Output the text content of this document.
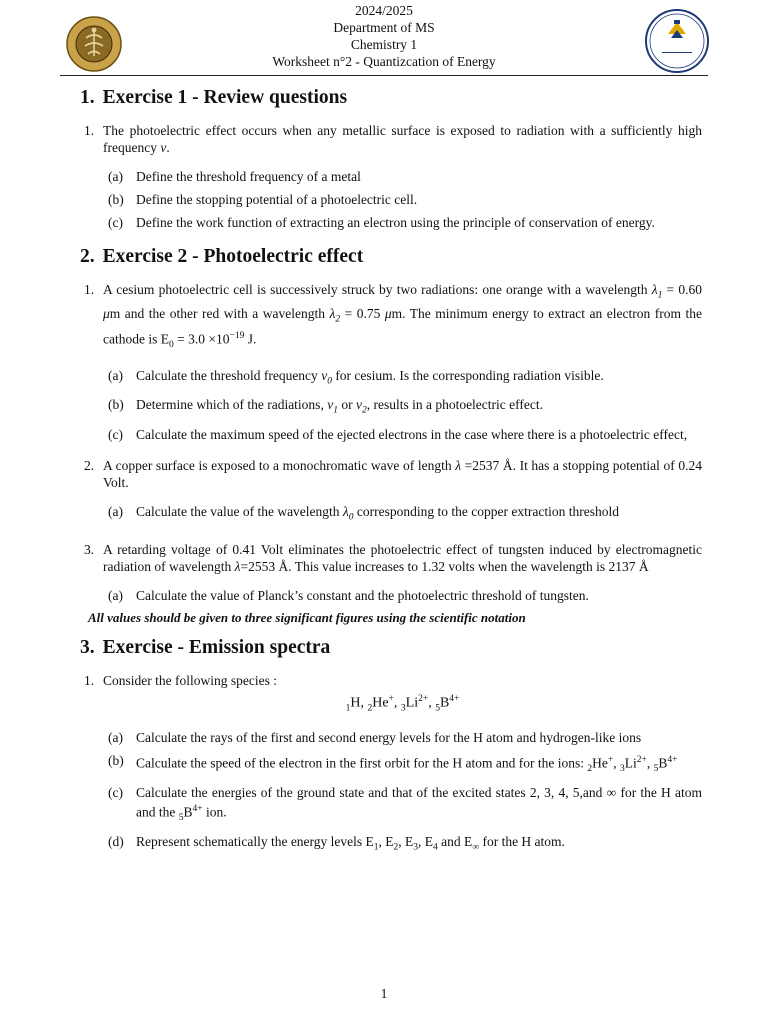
2024/2025
Department of MS
Chemistry 1
Worksheet n°2 - Quantizcation of Energy
1. Exercise 1 - Review questions
1. The photoelectric effect occurs when any metallic surface is exposed to radiation with a sufficiently high frequency ν.
(a) Define the threshold frequency of a metal
(b) Define the stopping potential of a photoelectric cell.
(c) Define the work function of extracting an electron using the principle of conservation of energy.
2. Exercise 2 - Photoelectric effect
1. A cesium photoelectric cell is successively struck by two radiations: one orange with a wavelength $\lambda_1 = 0.60$ μm and the other red with a wavelength $\lambda_2 = 0.75$ μm. The minimum energy to extract an electron from the cathode is $E_0 = 3.0 \times 10^{-19}$ J.
(a) Calculate the threshold frequency $\nu_0$ for cesium. Is the corresponding radiation visible.
(b) Determine which of the radiations, $\nu_1$ or $\nu_2$, results in a photoelectric effect.
(c) Calculate the maximum speed of the ejected electrons in the case where there is a photoelectric effect,
2. A copper surface is exposed to a monochromatic wave of length λ =2537 Å. It has a stopping potential of 0.24 Volt.
(a) Calculate the value of the wavelength $\lambda_0$ corresponding to the copper extraction threshold
3. A retarding voltage of 0.41 Volt eliminates the photoelectric effect of tungsten induced by electromagnetic radiation of wavelength λ=2553 Å. This value increases to 1.32 volts when the wavelength is 2137 Å
(a) Calculate the value of Planck’s constant and the photoelectric threshold of tungsten.
All values should be given to three significant figures using the scientific notation
3. Exercise - Emission spectra
1. Consider the following species :
$_1$H, $_2$He+, $_3Li^{2+}$, $_5B^{4+}$
(a) Calculate the rays of the first and second energy levels for the H atom and hydrogen-like ions
(b) Calculate the speed of the electron in the first orbit for the H atom and for the ions: $_2$He+, $_3Li^{2+}$, $_5B^{4+}$
(c) Calculate the energies of the ground state and that of the excited states 2, 3, 4, 5,and ∞ for the H atom and the $_5B^{4+}$ ion.
(d) Represent schematically the energy levels $E_1$, $E_2$, $E_3$, $E_4$ and $E_\infty$ for the H atom.
1
